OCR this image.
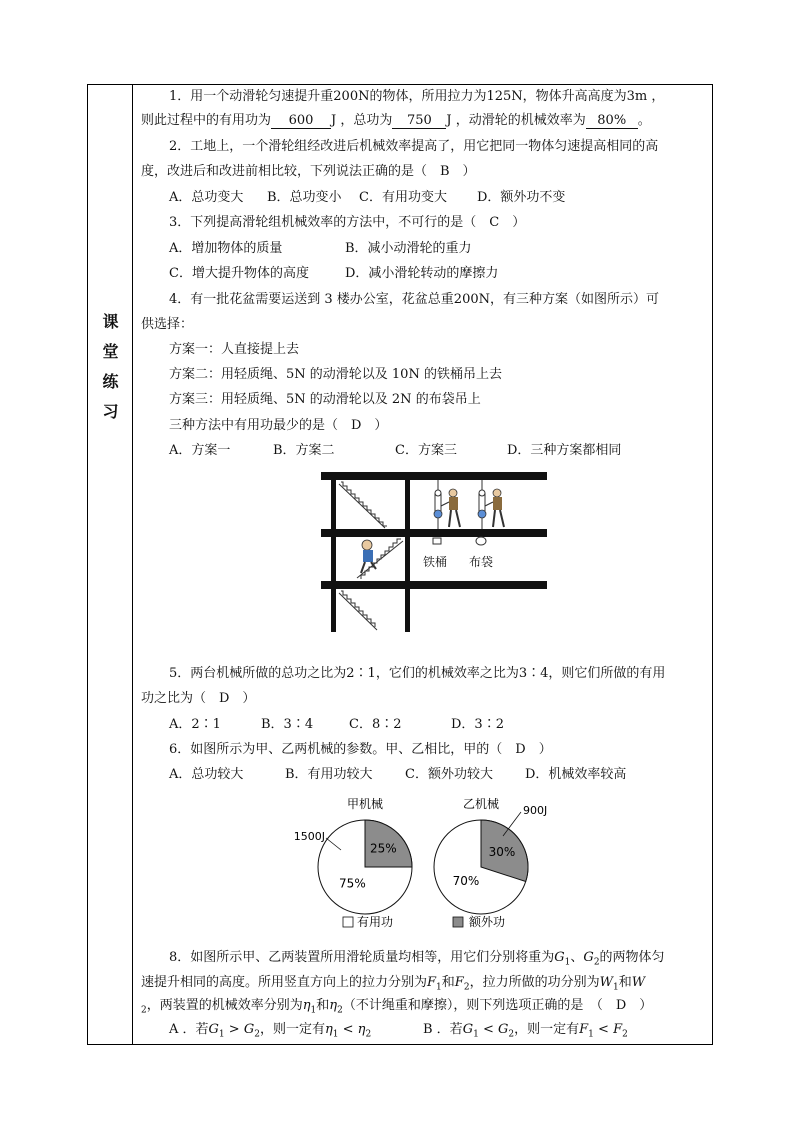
课
堂
练
习
1．用一个动滑轮匀速提升重200N的物体，所用拉力为125N，物体升高高度为3m ，
则此过程中的有用功为 600 J ，总功为 750 J ，动滑轮的机械效率为 80% 。
2．工地上，一个滑轮组经改进后机械效率提高了，用它把同一物体匀速提高相同的高
度，改进后和改进前相比较，下列说法正确的是（　B　）
A．总功变大 B．总功变小 C．有用功变大 D．额外功不变
3．下列提高滑轮组机械效率的方法中，不可行的是（　C　）
A．增加物体的质量	B．减小动滑轮的重力
C．增大提升物体的高度	D．减小滑轮转动的摩擦力
4．有一批花盆需要运送到 3 楼办公室，花盆总重200N，有三种方案（如图所示）可
供选择：
方案一：人直接提上去
方案二：用轻质绳、5N 的动滑轮以及 10N 的铁桶吊上去
方案三：用轻质绳、5N 的动滑轮以及 2N 的布袋吊上
三种方法中有用功最少的是（　D　）
A．方案一	B．方案二	C．方案三	D．三种方案都相同
铁桶 布袋
5．两台机械所做的总功之比为2∶1，它们的机械效率之比为3∶4，则它们所做的有用
功之比为（　D　）
A．2∶1	B．3∶4	C．8∶2	D．3∶2
6．如图所示为甲、乙两机械的参数。甲、乙相比，甲的（　D　）
A．总功较大	B．有用功较大 C．额外功较大 D．机械效率较高
甲机械	乙机械
25%
75%
30%
70%
1500J
900J
有用功	额外功
8．如图所示甲、乙两装置所用滑轮质量均相等，用它们分别将重为$G_1$、$G_2$的两物体匀
速提升相同的高度。所用竖直方向上的拉力分别为$F_1$和$F_2$，拉力所做的功分别为$W_1$和W
$_2$，两装置的机械效率分别为$\eta_1$和$\eta_2$（不计绳重和摩擦），则下列选项正确的是　（　D　）
A ．若$G_1 > G_2$，则一定有$\eta_1 < \eta_2$	B ．若$G_1 < G_2$，则一定有$F_1 < F_2$
